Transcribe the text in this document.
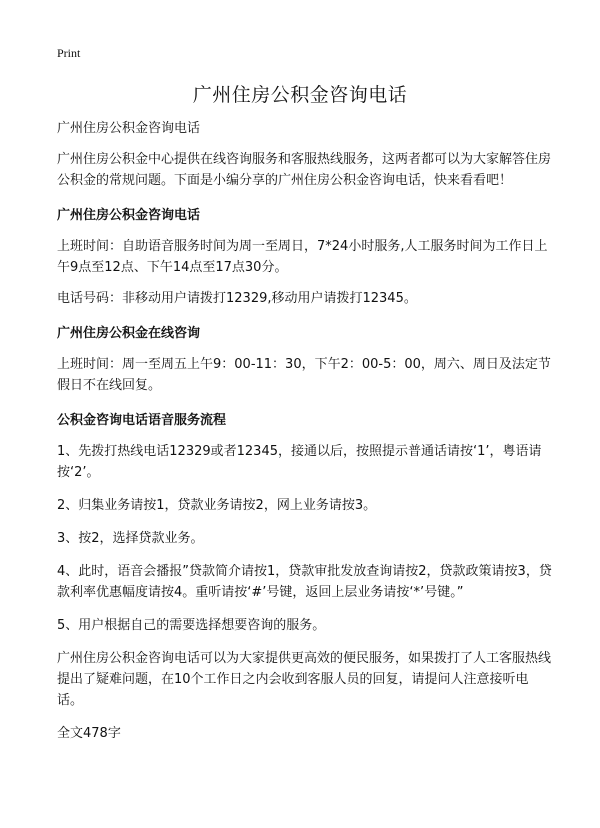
Print
广州住房公积金咨询电话

广州住房公积金咨询电话

广州住房公积金中心提供在线咨询服务和客服热线服务，这两者都可以为大家解答住房公积金的常规问题。下面是小编分享的广州住房公积金咨询电话，快来看看吧！

广州住房公积金咨询电话

上班时间：自助语音服务时间为周一至周日，7*24小时服务,人工服务时间为工作日上午9点至12点、下午14点至17点30分。

电话号码：非移动用户请拨打12329,移动用户请拨打12345。

广州住房公积金在线咨询

上班时间：周一至周五上午9：00-11：30，下午2：00-5：00，周六、周日及法定节假日不在线回复。

公积金咨询电话语音服务流程

1、先拨打热线电话12329或者12345，接通以后，按照提示普通话请按‘1’，粤语请按‘2’。

2、归集业务请按1，贷款业务请按2，网上业务请按3。

3、按2，选择贷款业务。

4、此时，语音会播报”贷款简介请按1，贷款审批发放查询请按2，贷款政策请按3，贷款利率优惠幅度请按4。重听请按‘#’号键，返回上层业务请按‘*’号键。”

5、用户根据自己的需要选择想要咨询的服务。

广州住房公积金咨询电话可以为大家提供更高效的便民服务，如果拨打了人工客服热线提出了疑难问题，在10个工作日之内会收到客服人员的回复，请提问人注意接听电话。

全文478字
